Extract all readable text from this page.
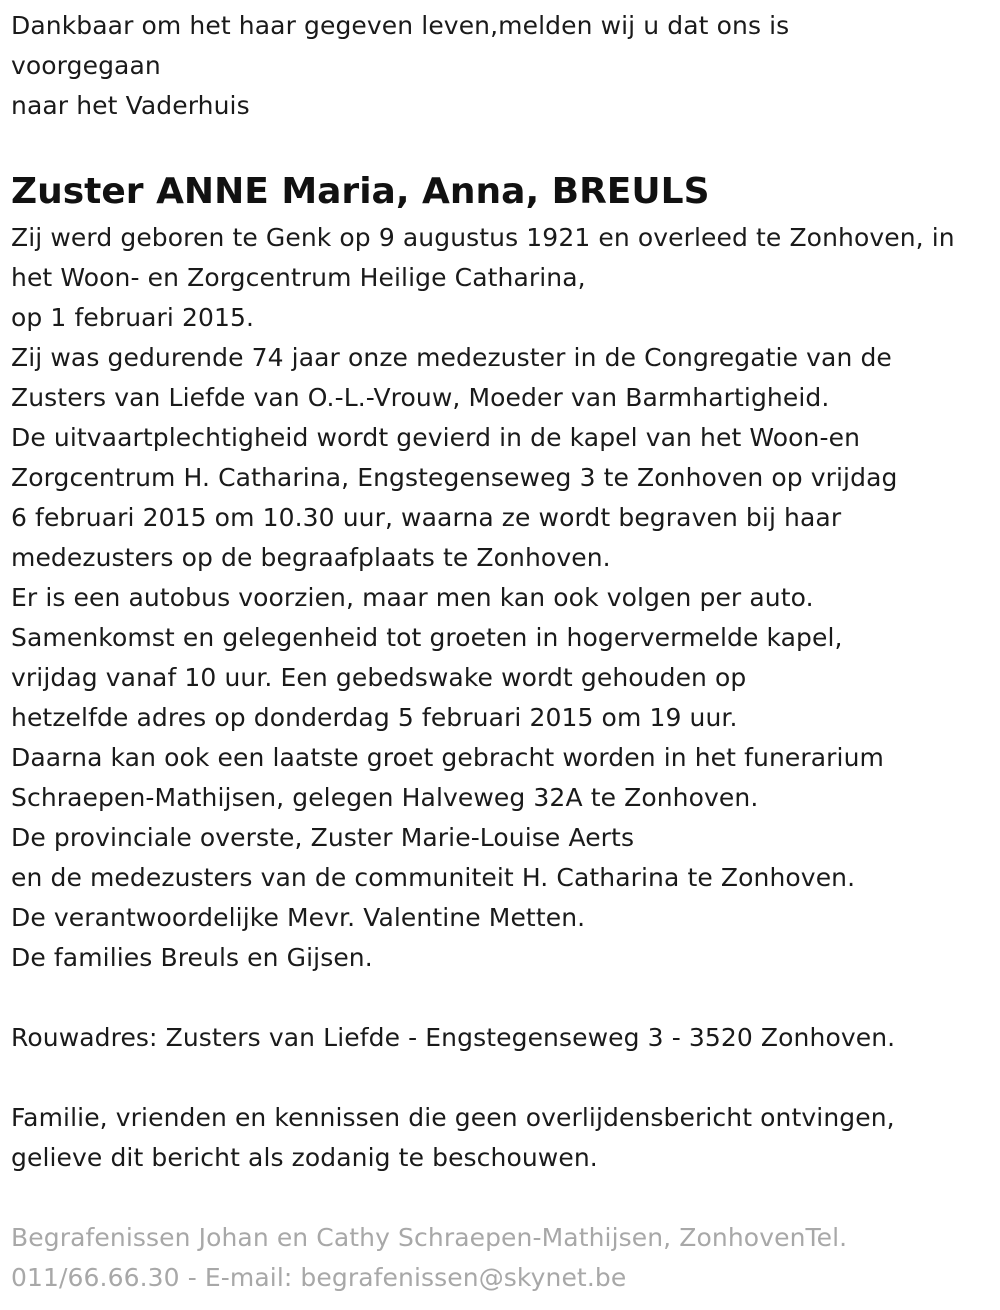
Dankbaar om het haar gegeven leven,melden wij u dat ons is
voorgegaan
naar het Vaderhuis
Zuster ANNE Maria, Anna, BREULS
Zij werd geboren te Genk op 9 augustus 1921 en overleed te Zonhoven, in
het Woon- en Zorgcentrum Heilige Catharina,
op 1 februari 2015.
Zij was gedurende 74 jaar onze medezuster in de Congregatie van de
Zusters van Liefde van O.-L.-Vrouw, Moeder van Barmhartigheid.
De uitvaartplechtigheid wordt gevierd in de kapel van het Woon-en
Zorgcentrum H. Catharina, Engstegenseweg 3 te Zonhoven op vrijdag
6 februari 2015 om 10.30 uur, waarna ze wordt begraven bij haar
medezusters op de begraafplaats te Zonhoven.
Er is een autobus voorzien, maar men kan ook volgen per auto.
Samenkomst en gelegenheid tot groeten in hogervermelde kapel,
vrijdag vanaf 10 uur. Een gebedswake wordt gehouden op
hetzelfde adres op donderdag 5 februari 2015 om 19 uur.
Daarna kan ook een laatste groet gebracht worden in het funerarium
Schraepen-Mathijsen, gelegen Halveweg 32A te Zonhoven.
De provinciale overste, Zuster Marie-Louise Aerts
en de medezusters van de communiteit H. Catharina te Zonhoven.
De verantwoordelijke Mevr. Valentine Metten.
De families Breuls en Gijsen.
Rouwadres: Zusters van Liefde - Engstegenseweg 3 - 3520 Zonhoven.
Familie, vrienden en kennissen die geen overlijdensbericht ontvingen,
gelieve dit bericht als zodanig te beschouwen.
Begrafenissen Johan en Cathy Schraepen-Mathijsen, ZonhovenTel.
011/66.66.30 - E-mail: begrafenissen@skynet.be
